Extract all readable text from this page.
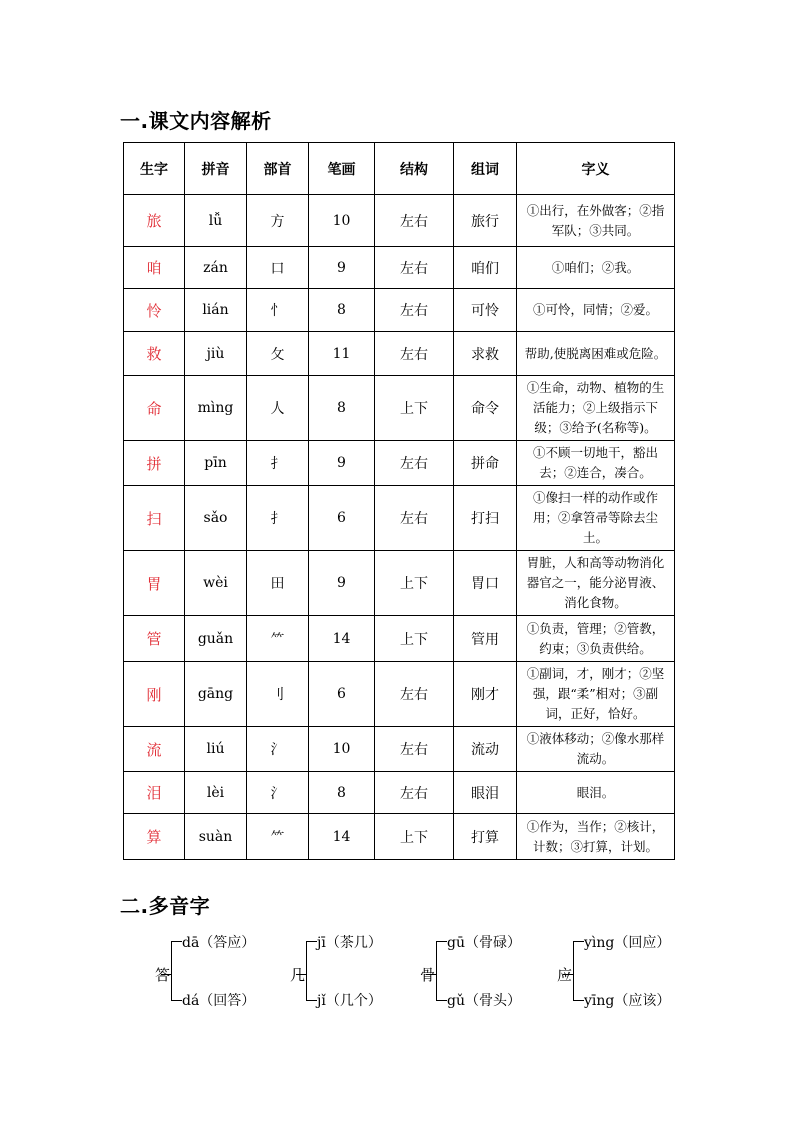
一.课文内容解析
生字	拼音	部首	笔画	结构	组词	字义
旅	lǚ	方	10	左右	旅行	①出行，在外做客；②指军队；③共同。
咱	zán	口	9	左右	咱们	①咱们；②我。
怜	lián	忄	8	左右	可怜	①可怜，同情；②爱。
救	jiù	攵	11	左右	求救	帮助,使脱离困难或危险。
命	mìng	人	8	上下	命令	①生命，动物、植物的生活能力；②上级指示下级；③给予(名称等)。
拼	pīn	扌	9	左右	拼命	①不顾一切地干，豁出去；②连合，凑合。
扫	sǎo	扌	6	左右	打扫	①像扫一样的动作或作用；②拿笤帚等除去尘土。
胃	wèi	田	9	上下	胃口	胃脏，人和高等动物消化器官之一，能分泌胃液、消化食物。
管	guǎn	⺮	14	上下	管用	①负责，管理；②管教，约束；③负责供给。
刚	gāng	刂	6	左右	刚才	①副词，才，刚才；②坚强，跟“柔”相对；③副词，正好，恰好。
流	liú	氵	10	左右	流动	①液体移动；②像水那样流动。
泪	lèi	氵	8	左右	眼泪	眼泪。
算	suàn	⺮	14	上下	打算	①作为，当作；②核计，计数；③打算，计划。
二.多音字
答
dā（答应）
dá（回答）
几
jī（茶几）
jǐ（几个）
骨
gū（骨碌）
gǔ（骨头）
应
yìng（回应）
yīng（应该）
